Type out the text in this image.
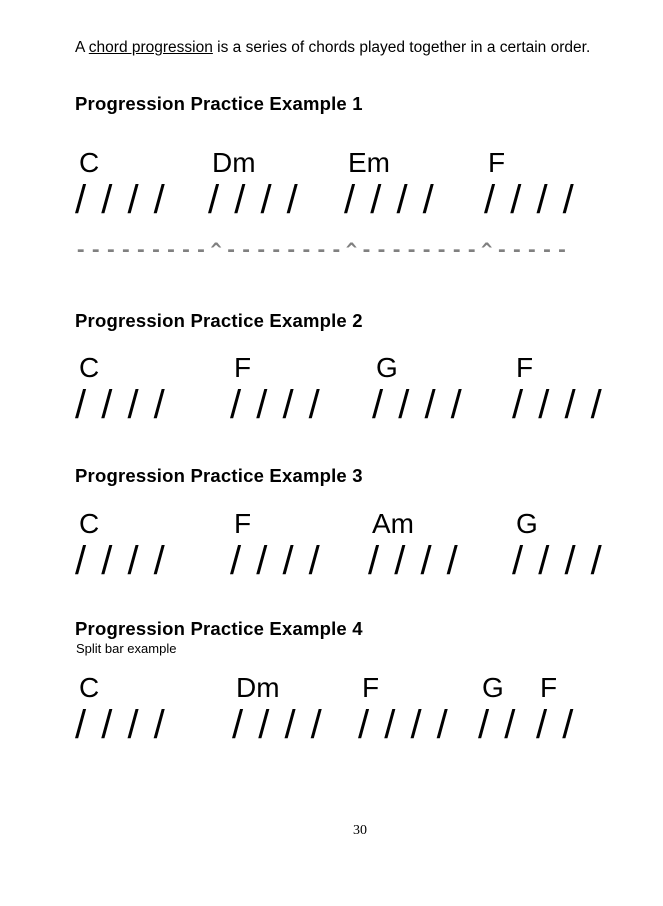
A chord progression is a series of chords played together in a certain order.

Progression Practice Example 1
C
/ / / /
Dm
/ / / /
Em
/ / / /
F
/ / / /
---------^--------^--------^-----
Progression Practice Example 2
C
/ / / /
F
/ / / /
G
/ / / /
F
/ / / /
Progression Practice Example 3
C
/ / / /
F
/ / / /
Am
/ / / /
G
/ / / /
Progression Practice Example 4

Split bar example

C
/ / / /
Dm
/ / / /
F
/ / / /
G
/ /
F
/ /
30
